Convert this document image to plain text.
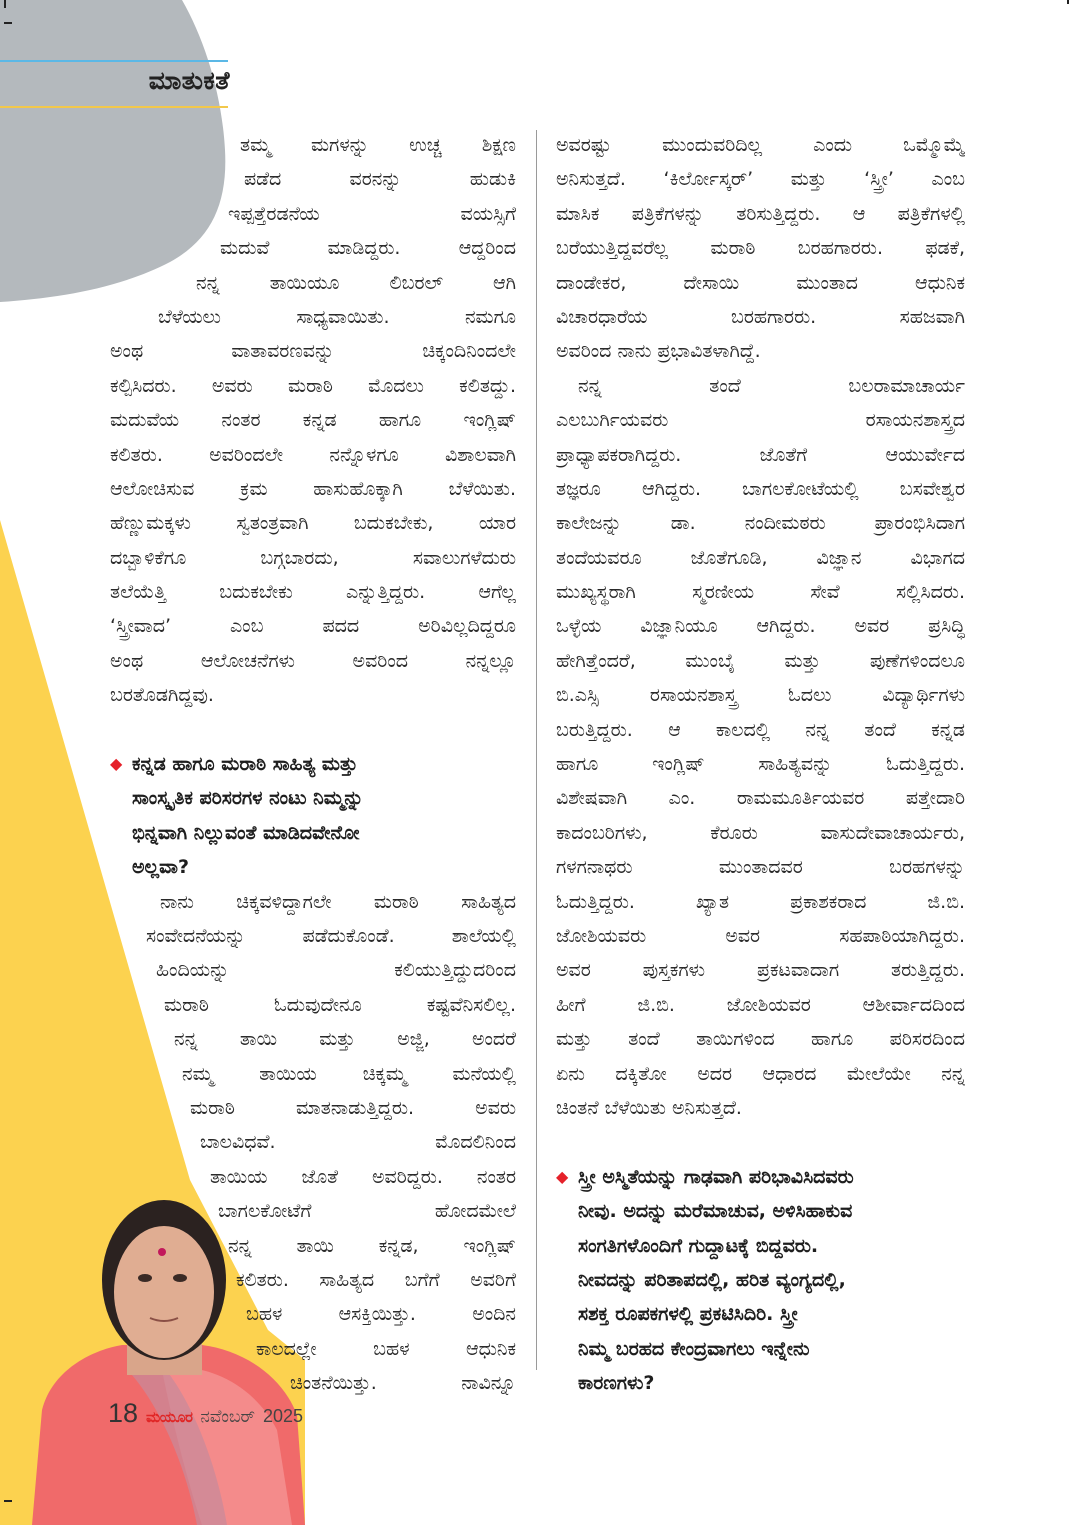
ಮಾತುಕತೆ
ತಮ್ಮ ಮಗಳನ್ನು ಉಚ್ಚ ಶಿಕ್ಷಣ
ಪಡೆದ ವರನನ್ನು ಹುಡುಕಿ
ಇಪ್ಪತ್ತೆರಡನೆಯ ವಯಸ್ಸಿಗೆ
ಮದುವೆ ಮಾಡಿದ್ದರು. ಆದ್ದರಿಂದ
ನನ್ನ ತಾಯಿಯೂ ಲಿಬರಲ್ ಆಗಿ
ಬೆಳೆಯಲು ಸಾಧ್ಯವಾಯಿತು. ನಮಗೂ
ಅಂಥ ವಾತಾವರಣವನ್ನು ಚಿಕ್ಕಂದಿನಿಂದಲೇ
ಕಲ್ಪಿಸಿದರು. ಅವರು ಮರಾಠಿ ಮೊದಲು ಕಲಿತದ್ದು.
ಮದುವೆಯ ನಂತರ ಕನ್ನಡ ಹಾಗೂ ಇಂಗ್ಲಿಷ್
ಕಲಿತರು. ಅವರಿಂದಲೇ ನನ್ನೊಳಗೂ ವಿಶಾಲವಾಗಿ
ಆಲೋಚಿಸುವ ಕ್ರಮ ಹಾಸುಹೊಕ್ಕಾಗಿ ಬೆಳೆಯಿತು.
ಹೆಣ್ಣುಮಕ್ಕಳು ಸ್ವತಂತ್ರವಾಗಿ ಬದುಕಬೇಕು, ಯಾರ
ದಬ್ಬಾಳಿಕೆಗೂ ಬಗ್ಗಬಾರದು, ಸವಾಲುಗಳೆದುರು
ತಲೆಯೆತ್ತಿ ಬದುಕಬೇಕು ಎನ್ನುತ್ತಿದ್ದರು. ಆಗೆಲ್ಲ
‘ಸ್ತ್ರೀವಾದ’ ಎಂಬ ಪದದ ಅರಿವಿಲ್ಲದಿದ್ದರೂ
ಅಂಥ ಆಲೋಚನೆಗಳು ಅವರಿಂದ ನನ್ನಲ್ಲೂ
ಬರತೊಡಗಿದ್ದವು.
◆ ಕನ್ನಡ ಹಾಗೂ ಮರಾಠಿ ಸಾಹಿತ್ಯ ಮತ್ತು
ಸಾಂಸ್ಕೃತಿಕ ಪರಿಸರಗಳ ನಂಟು ನಿಮ್ಮನ್ನು
ಭಿನ್ನವಾಗಿ ನಿಲ್ಲುವಂತೆ ಮಾಡಿದವೇನೋ
ಅಲ್ಲವಾ?
ನಾನು ಚಿಕ್ಕವಳಿದ್ದಾಗಲೇ ಮರಾಠಿ ಸಾಹಿತ್ಯದ
ಸಂವೇದನೆಯನ್ನು ಪಡೆದುಕೊಂಡೆ. ಶಾಲೆಯಲ್ಲಿ
ಹಿಂದಿಯನ್ನು ಕಲಿಯುತ್ತಿದ್ದುದರಿಂದ
ಮರಾಠಿ ಓದುವುದೇನೂ ಕಷ್ಟವೆನಿಸಲಿಲ್ಲ.
ನನ್ನ ತಾಯಿ ಮತ್ತು ಅಜ್ಜಿ, ಅಂದರೆ
ನಮ್ಮ ತಾಯಿಯ ಚಿಕ್ಕಮ್ಮ ಮನೆಯಲ್ಲಿ
ಮರಾಠಿ ಮಾತನಾಡುತ್ತಿದ್ದರು. ಅವರು
ಬಾಲವಿಧವೆ. ಮೊದಲಿನಿಂದ
ತಾಯಿಯ ಜೊತೆ ಅವರಿದ್ದರು. ನಂತರ
ಬಾಗಲಕೋಟೆಗೆ ಹೋದಮೇಲೆ
ನನ್ನ ತಾಯಿ ಕನ್ನಡ, ಇಂಗ್ಲಿಷ್
ಕಲಿತರು. ಸಾಹಿತ್ಯದ ಬಗೆಗೆ ಅವರಿಗೆ
ಬಹಳ ಆಸಕ್ತಿಯಿತ್ತು. ಅಂದಿನ
ಕಾಲದಲ್ಲೇ ಬಹಳ ಆಧುನಿಕ
ಚಿಂತನೆಯಿತ್ತು. ನಾವಿನ್ನೂ
ಅವರಷ್ಟು ಮುಂದುವರಿದಿಲ್ಲ ಎಂದು ಒಮ್ಮೊಮ್ಮೆ
ಅನಿಸುತ್ತದೆ. ‘ಕಿರ್ಲೋಸ್ಕರ್’ ಮತ್ತು ‘ಸ್ತ್ರೀ’ ಎಂಬ
ಮಾಸಿಕ ಪತ್ರಿಕೆಗಳನ್ನು ತರಿಸುತ್ತಿದ್ದರು. ಆ ಪತ್ರಿಕೆಗಳಲ್ಲಿ
ಬರೆಯುತ್ತಿದ್ದವರೆಲ್ಲ ಮರಾಠಿ ಬರಹಗಾರರು. ಫಡಕೆ,
ದಾಂಡೇಕರ, ದೇಸಾಯಿ ಮುಂತಾದ ಆಧುನಿಕ
ವಿಚಾರಧಾರೆಯ ಬರಹಗಾರರು. ಸಹಜವಾಗಿ
ಅವರಿಂದ ನಾನು ಪ್ರಭಾವಿತಳಾಗಿದ್ದೆ.
ನನ್ನ ತಂದೆ ಬಲರಾಮಾಚಾರ್ಯ
ಎಲಬುರ್ಗಿಯವರು ರಸಾಯನಶಾಸ್ತ್ರದ
ಪ್ರಾಧ್ಯಾಪಕರಾಗಿದ್ದರು. ಜೊತೆಗೆ ಆಯುರ್ವೇದ
ತಜ್ಞರೂ ಆಗಿದ್ದರು. ಬಾಗಲಕೋಟೆಯಲ್ಲಿ ಬಸವೇಶ್ವರ
ಕಾಲೇಜನ್ನು ಡಾ. ನಂದೀಮಠರು ಪ್ರಾರಂಭಿಸಿದಾಗ
ತಂದೆಯವರೂ ಜೊತೆಗೂಡಿ, ವಿಜ್ಞಾನ ವಿಭಾಗದ
ಮುಖ್ಯಸ್ಥರಾಗಿ ಸ್ಮರಣೀಯ ಸೇವೆ ಸಲ್ಲಿಸಿದರು.
ಒಳ್ಳೆಯ ವಿಜ್ಞಾನಿಯೂ ಆಗಿದ್ದರು. ಅವರ ಪ್ರಸಿದ್ಧಿ
ಹೇಗಿತ್ತೆಂದರೆ, ಮುಂಬೈ ಮತ್ತು ಪುಣೆಗಳಿಂದಲೂ
ಬಿ.ಎಸ್ಸಿ ರಸಾಯನಶಾಸ್ತ್ರ ಓದಲು ವಿದ್ಯಾರ್ಥಿಗಳು
ಬರುತ್ತಿದ್ದರು. ಆ ಕಾಲದಲ್ಲಿ ನನ್ನ ತಂದೆ ಕನ್ನಡ
ಹಾಗೂ ಇಂಗ್ಲಿಷ್ ಸಾಹಿತ್ಯವನ್ನು ಓದುತ್ತಿದ್ದರು.
ವಿಶೇಷವಾಗಿ ಎಂ. ರಾಮಮೂರ್ತಿಯವರ ಪತ್ತೇದಾರಿ
ಕಾದಂಬರಿಗಳು, ಕೆರೂರು ವಾಸುದೇವಾಚಾರ್ಯರು,
ಗಳಗನಾಥರು ಮುಂತಾದವರ ಬರಹಗಳನ್ನು
ಓದುತ್ತಿದ್ದರು. ಖ್ಯಾತ ಪ್ರಕಾಶಕರಾದ ಜಿ.ಬಿ.
ಜೋಶಿಯವರು ಅವರ ಸಹಪಾಠಿಯಾಗಿದ್ದರು.
ಅವರ ಪುಸ್ತಕಗಳು ಪ್ರಕಟವಾದಾಗ ತರುತ್ತಿದ್ದರು.
ಹೀಗೆ ಜಿ.ಬಿ. ಜೋಶಿಯವರ ಆಶೀರ್ವಾದದಿಂದ
ಮತ್ತು ತಂದೆ ತಾಯಿಗಳಿಂದ ಹಾಗೂ ಪರಿಸರದಿಂದ
ಏನು ದಕ್ಕಿತೋ ಅದರ ಆಧಾರದ ಮೇಲೆಯೇ ನನ್ನ
ಚಿಂತನೆ ಬೆಳೆಯಿತು ಅನಿಸುತ್ತದೆ.
◆ ಸ್ತ್ರೀ ಅಸ್ಮಿತೆಯನ್ನು ಗಾಢವಾಗಿ ಪರಿಭಾವಿಸಿದವರು
ನೀವು. ಅದನ್ನು ಮರೆಮಾಚುವ, ಅಳಿಸಿಹಾಕುವ
ಸಂಗತಿಗಳೊಂದಿಗೆ ಗುದ್ದಾಟಕ್ಕೆ ಬಿದ್ದವರು.
ನೀವದನ್ನು ಪರಿತಾಪದಲ್ಲಿ, ಹರಿತ ವ್ಯಂಗ್ಯದಲ್ಲಿ,
ಸಶಕ್ತ ರೂಪಕಗಳಲ್ಲಿ ಪ್ರಕಟಿಸಿದಿರಿ. ಸ್ತ್ರೀ
ನಿಮ್ಮ ಬರಹದ ಕೇಂದ್ರವಾಗಲು ಇನ್ನೇನು
ಕಾರಣಗಳು?
18 ಮಯೂರ ನವೆಂಬರ್ 2025
